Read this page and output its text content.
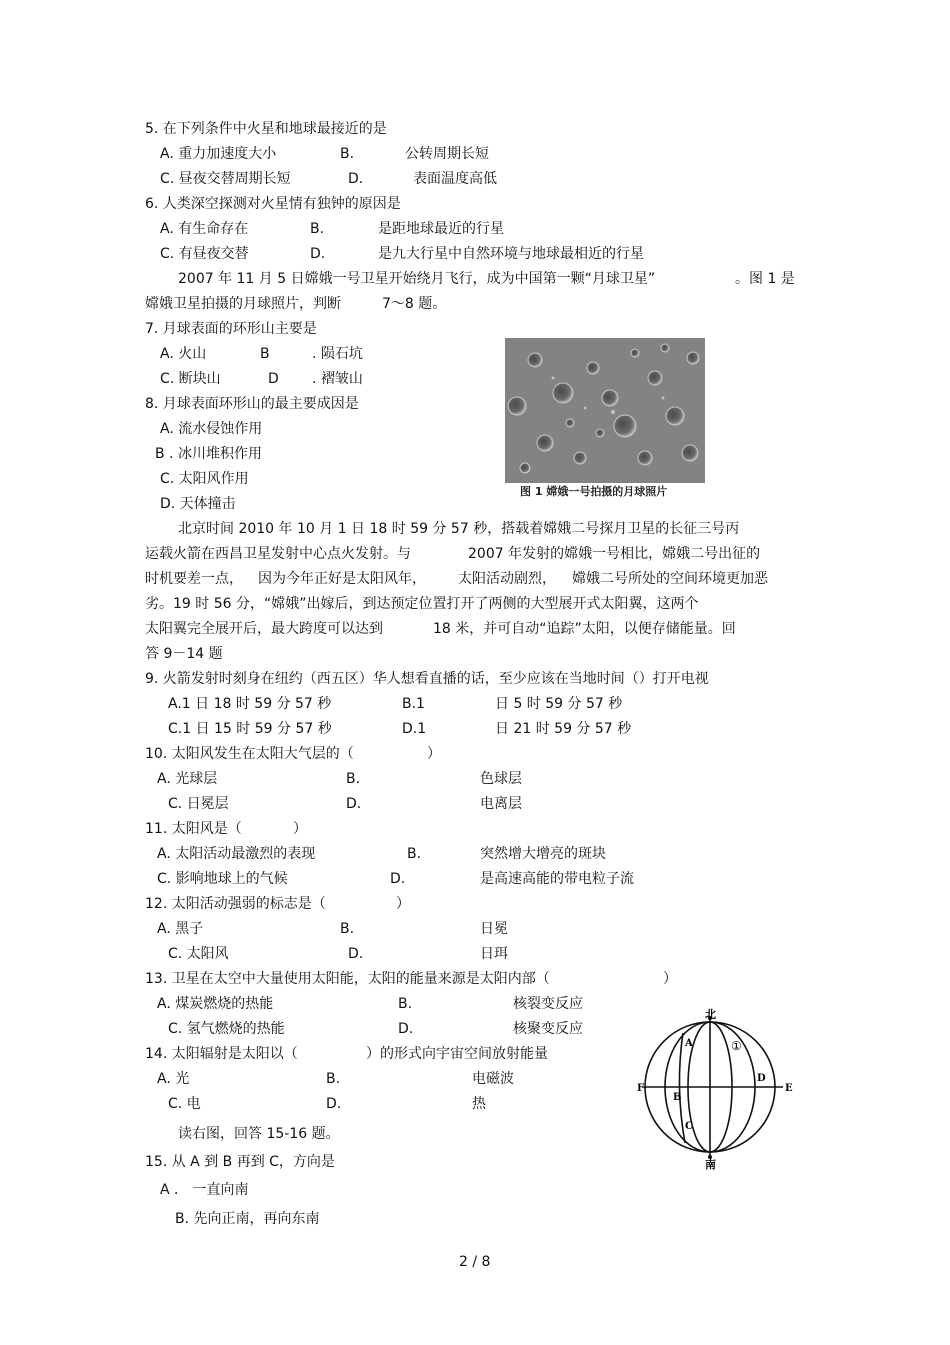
5. 在下列条件中火星和地球最接近的是
A. 重力加速度大小	B.	公转周期长短
C. 昼夜交替周期长短	D.	表面温度高低
6. 人类深空探测对火星情有独钟的原因是
A. 有生命存在	B.	是距地球最近的行星
C. 有昼夜交替	D.	是九大行星中自然环境与地球最相近的行星
2007 年 11 月 5 日嫦娥一号卫星开始绕月飞行，成为中国第一颗“月球卫星”	。图 1 是
嫦娥卫星拍摄的月球照片，判断	7～8 题。
7. 月球表面的环形山主要是
A. 火山	B	. 陨石坑
C. 断块山	D . 褶皱山
8. 月球表面环形山的最主要成因是
A. 流水侵蚀作用
B . 冰川堆积作用
C. 太阳风作用
D. 天体撞击
图 1 嫦娥一号拍摄的月球照片
北京时间 2010 年 10 月 1 日 18 时 59 分 57 秒，搭载着嫦娥二号探月卫星的长征三号丙
运载火箭在西昌卫星发射中心点火发射。与	2007 年发射的嫦娥一号相比，嫦娥二号出征的
时机要差一点， 因为今年正好是太阳风年， 太阳活动剧烈， 嫦娥二号所处的空间环境更加恶
劣。19 时 56 分，“嫦娥”出嫁后，到达预定位置打开了两侧的大型展开式太阳翼，这两个
太阳翼完全展开后，最大跨度可以达到	18 米，并可自动“追踪”太阳，以便存储能量。回
答 9－14 题
9. 火箭发射时刻身在纽约（西五区）华人想看直播的话，至少应该在当地时间（）打开电视
A.1 日 18 时 59 分 57 秒	B.1	日 5 时 59 分 57 秒
C.1 日 15 时 59 分 57 秒	D.1	日 21 时 59 分 57 秒
10. 太阳风发生在太阳大气层的（	）
A. 光球层	B.	色球层
C. 日冕层	D.	电离层
11. 太阳风是（	）
A. 太阳活动最激烈的表现	B.	突然增大增亮的斑块
C. 影响地球上的气候	D.	是高速高能的带电粒子流
12. 太阳活动强弱的标志是（	）
A. 黑子	B.	日冕
C. 太阳风	D.	日珥
13. 卫星在太空中大量使用太阳能，太阳的能量来源是太阳内部（	）
A. 煤炭燃烧的热能	B.	核裂变反应
C. 氢气燃烧的热能	D.	核聚变反应
14. 太阳辐射是太阳以（	）的形式向宇宙空间放射能量
A. 光	B.	电磁波
C. 电	D.	热
读右图，回答 15-16 题。
15. 从 A 到 B 再到 C，方向是
A ． 一直向南
B. 先向正南，再向东南
北
南
F	E
A
B
C
D
①
2 / 8
